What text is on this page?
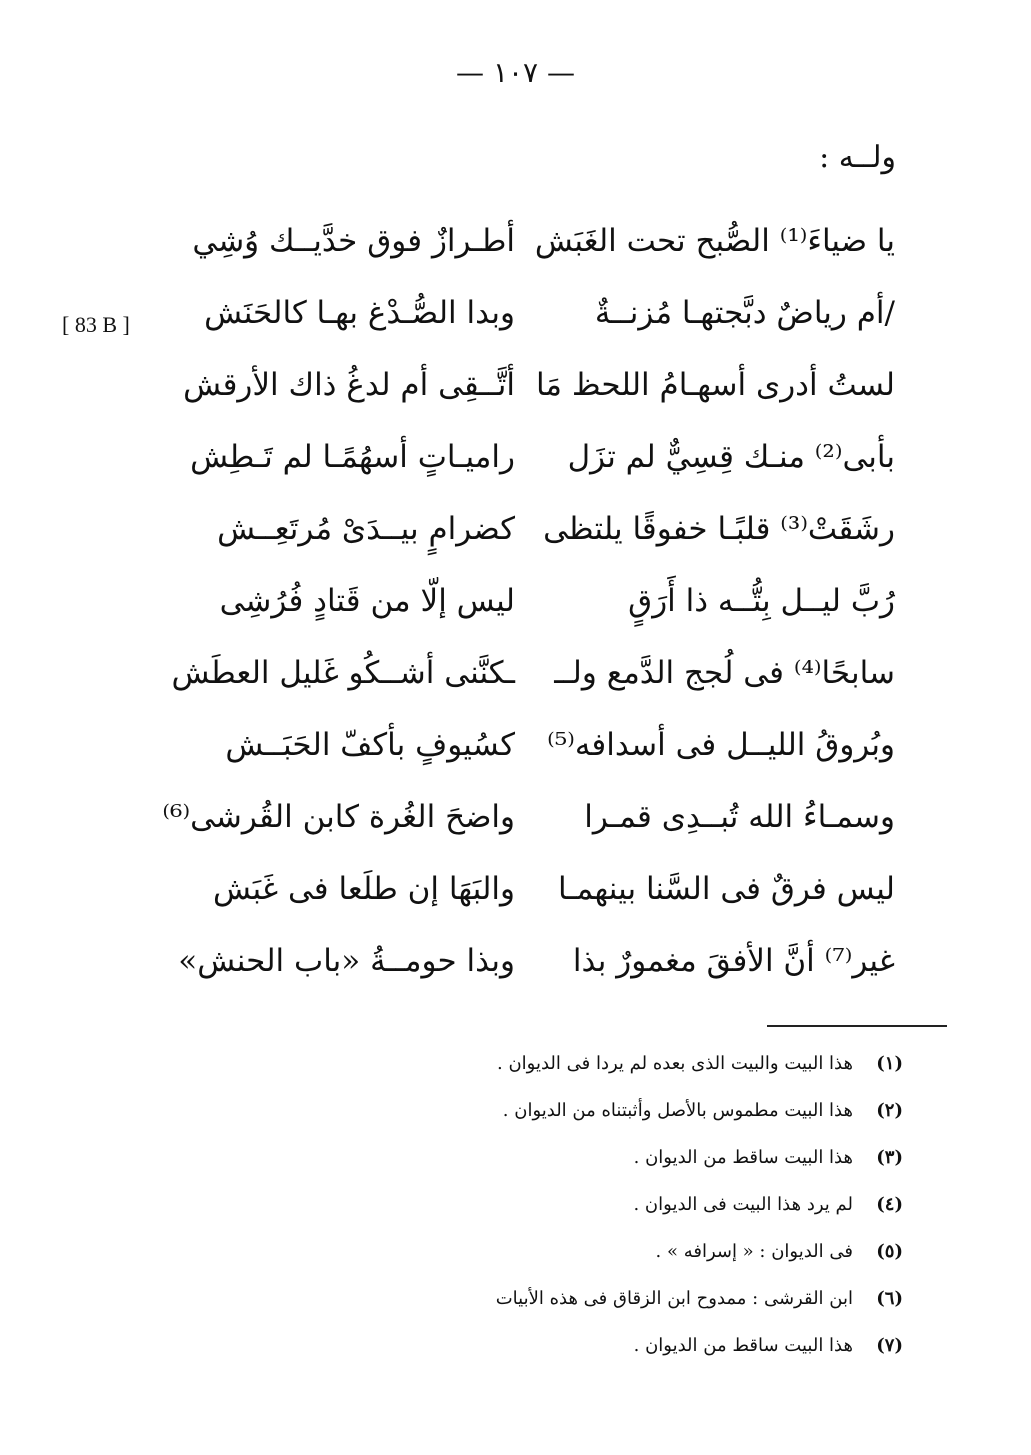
— ١٠٧ —
[ 83 B ]
ولــه :
يا ضياءَ⁽¹⁾ الصُّبح تحت الغَبَش
أطـرازٌ فوق خدَّيــك وُشِي
/أم رياضٌ دبَّجتهـا مُزنــةٌ
وبدا الصُّـدْغ بهـا كالحَنَش
لستُ أدرى أسهـامُ اللحظ مَا
أتَّــقِى أم لدغُ ذاك الأرقش
بأبى⁽²⁾ منـك قِسِيٌّ لم تزَل
راميـاتٍ أسهُمًـا لم تَـطِش
رشَقَتْ⁽³⁾ قلبًـا خفوقًا يلتظى
كضرامٍ بيــدَىْ مُرتَعِــش
رُبَّ ليــل بِتُّــه ذا أَرَقٍ
ليس إلّا من قَتادٍ فُرُشِى
سابحًا⁽⁴⁾ فى لُجج الدَّمع ولــ
ـكنَّنى أشــكُو غَليل العطَش
وبُروقُ الليــل فى أسدافه⁽⁵⁾
كسُيوفٍ بأكفّ الحَبَــش
وسمـاءُ الله تُبــدِى قمـرا
واضحَ الغُرة كابن القُرشى⁽⁶⁾
ليس فرقٌ فى السَّنا بينهمـا
والبَهَا إن طلَعا فى غَبَش
غير⁽⁷⁾ أنَّ الأفقَ مغمورٌ بذا
وبذا حومــةُ «باب الحنش»
(١)
هذا البيت والبيت الذى بعده لم يردا فى الديوان .
(٢)
هذا البيت مطموس بالأصل وأثبتناه من الديوان .
(٣)
هذا البيت ساقط من الديوان .
(٤)
لم يرد هذا البيت فى الديوان .
(٥)
فى الديوان : « إسرافه » .
(٦)
ابن القرشى : ممدوح ابن الزقاق فى هذه الأبيات
(٧)
هذا البيت ساقط من الديوان .
